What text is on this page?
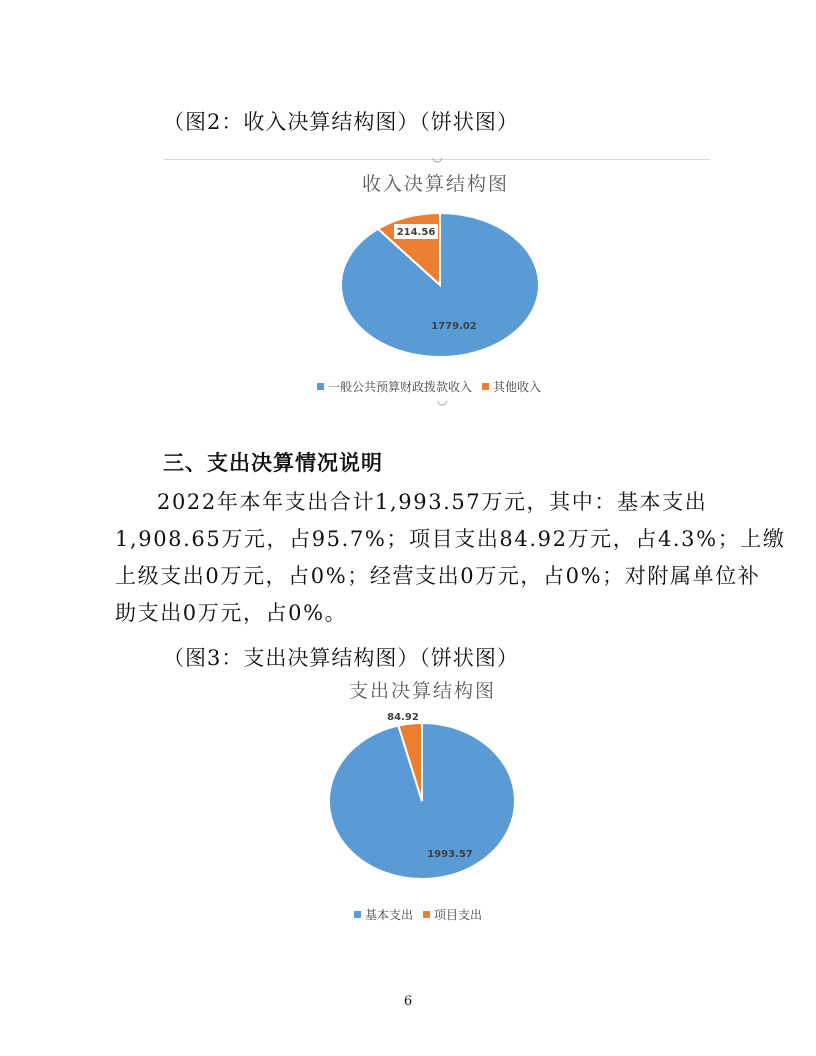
（图2：收入决算结构图）（饼状图）
◡
收入决算结构图
1779.02
214.56
一般公共预算财政拨款收入 其他收入
◡
三、支出决算情况说明
2022年本年支出合计1,993.57万元，其中：基本支出
1,908.65万元，占95.7%；项目支出84.92万元，占4.3%；上缴
上级支出0万元，占0%；经营支出0万元，占0%；对附属单位补
助支出0万元，占0%。
（图3：支出决算结构图）（饼状图）
支出决算结构图
1993.57
84.92
基本支出 项目支出
6
